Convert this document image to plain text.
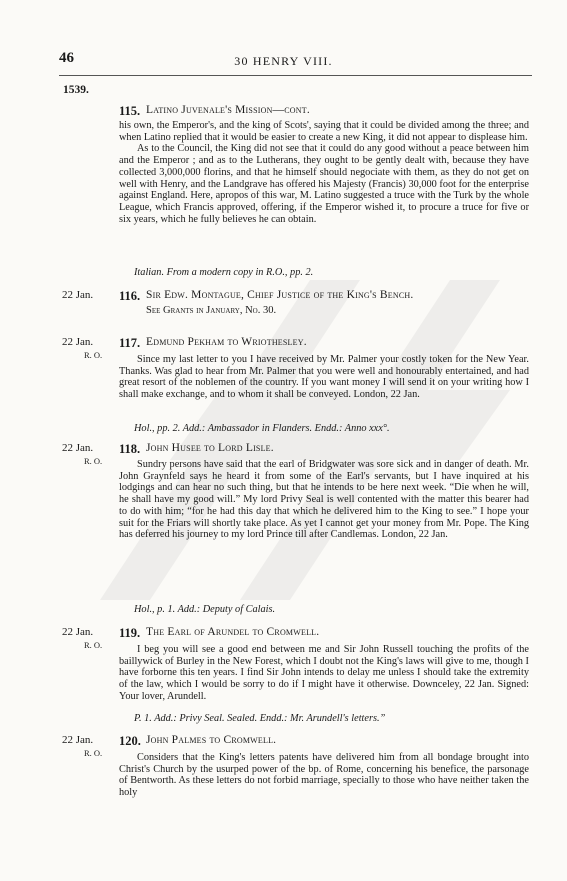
46	30 HENRY VIII.
1539.
115. Latino Juvenale's Mission—cont.

his own, the Emperor's, and the king of Scots', saying that it could be divided among the three; and when Latino replied that it would be easier to create a new King, it did not appear to displease him.

As to the Council, the King did not see that it could do any good without a peace between him and the Emperor ; and as to the Lutherans, they ought to be gently dealt with, because they have collected 3,000,000 florins, and that he himself should negociate with them, as they do not get on well with Henry, and the Landgrave has offered his Majesty (Francis) 30,000 foot for the enterprise against England. Here, apropos of this war, M. Latino suggested a truce with the Turk by the whole League, which Francis approved, offering, if the Emperor wished it, to procure a truce for five or six years, which he fully believes he can obtain.

Italian. From a modern copy in R.O., pp. 2.
22 Jan. 116. Sir Edw. Montague, Chief Justice of the King's Bench.
See Grants in January, No. 30.
22 Jan.
R. O.
117. Edmund Pekham to Wriothesley.

Since my last letter to you I have received by Mr. Palmer your costly token for the New Year. Thanks. Was glad to hear from Mr. Palmer that you were well and honourably entertained, and had great resort of the noblemen of the country. If you want money I will send it on your writing how I shall make exchange, and to whom it shall be conveyed. London, 22 Jan.

Hol., pp. 2. Add.: Ambassador in Flanders. Endd.: Anno xxx°.
22 Jan.
R. O.
118. John Husee to Lord Lisle.

Sundry persons have said that the earl of Bridgwater was sore sick and in danger of death. Mr. John Graynfeld says he heard it from some of the Earl's servants, but I have inquired at his lodgings and can hear no such thing, but that he intends to be here next week. “Die when he will, he shall have my good will.” My lord Privy Seal is well contented with the matter this bearer had to do with him; “for he had this day that which he delivered him to the King to see.” I hope your suit for the Friars will shortly take place. As yet I cannot get your money from Mr. Pope. The King has deferred his journey to my lord Prince till after Candlemas. London, 22 Jan.

Hol., p. 1. Add.: Deputy of Calais.
22 Jan.
R. O.
119. The Earl of Arundel to Cromwell.

I beg you will see a good end between me and Sir John Russell touching the profits of the baillywick of Burley in the New Forest, which I doubt not the King's laws will give to me, though I have forborne this ten years. I find Sir John intends to delay me unless I should take the extremity of the law, which I would be sorry to do if I might have it otherwise. Downceley, 22 Jan. Signed: Your lover, Arundell.

P. 1. Add.: Privy Seal. Sealed. Endd.: Mr. Arundell's letters.”
22 Jan.
R. O.
120. John Palmes to Cromwell.

Considers that the King's letters patents have delivered him from all bondage brought into Christ's Church by the usurped power of the bp. of Rome, concerning his benefice, the parsonage of Bentworth. As these letters do not forbid marriage, specially to those who have neither taken the holy
